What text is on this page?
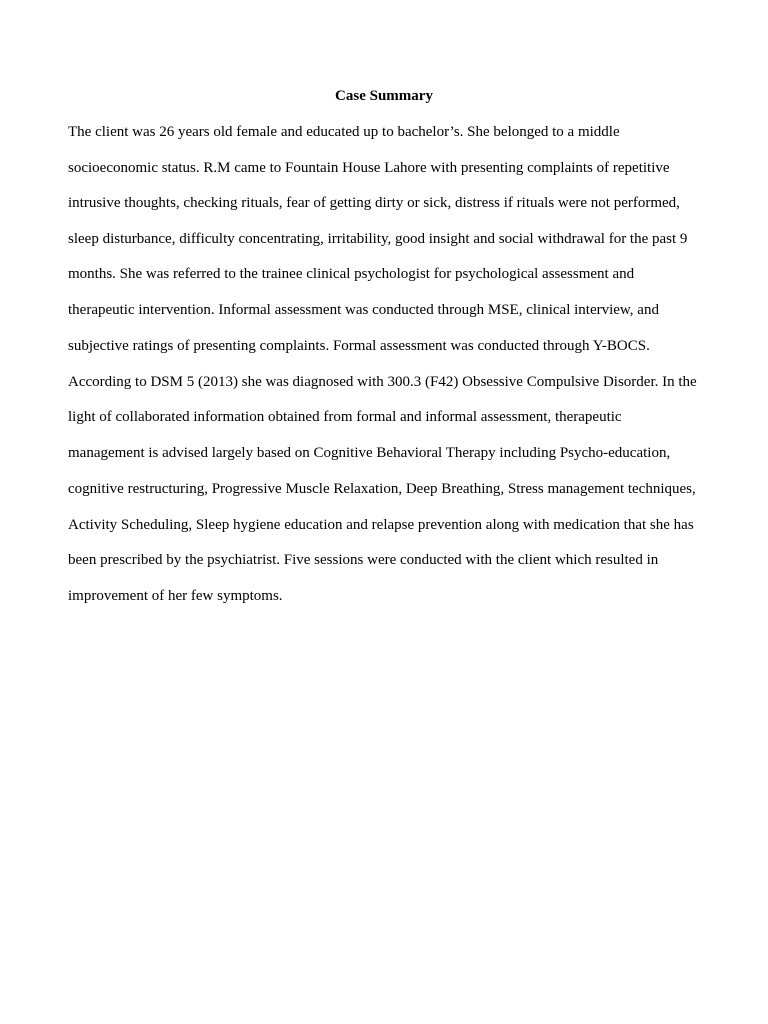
Case Summary
The client was 26 years old female and educated up to bachelor’s. She belonged to a middle
socioeconomic status. R.M came to Fountain House Lahore with presenting complaints of repetitive
intrusive thoughts, checking rituals, fear of getting dirty or sick, distress if rituals were not performed,
sleep disturbance, difficulty concentrating, irritability, good insight and social withdrawal for the past 9
months. She was referred to the trainee clinical psychologist for psychological assessment and
therapeutic intervention. Informal assessment was conducted through MSE, clinical interview, and
subjective ratings of presenting complaints. Formal assessment was conducted through Y-BOCS.
According to DSM 5 (2013) she was diagnosed with 300.3 (F42) Obsessive Compulsive Disorder. In the
light of collaborated information obtained from formal and informal assessment, therapeutic
management is advised largely based on Cognitive Behavioral Therapy including Psycho-education,
cognitive restructuring, Progressive Muscle Relaxation, Deep Breathing, Stress management techniques,
Activity Scheduling, Sleep hygiene education and relapse prevention along with medication that she has
been prescribed by the psychiatrist. Five sessions were conducted with the client which resulted in
improvement of her few symptoms.
